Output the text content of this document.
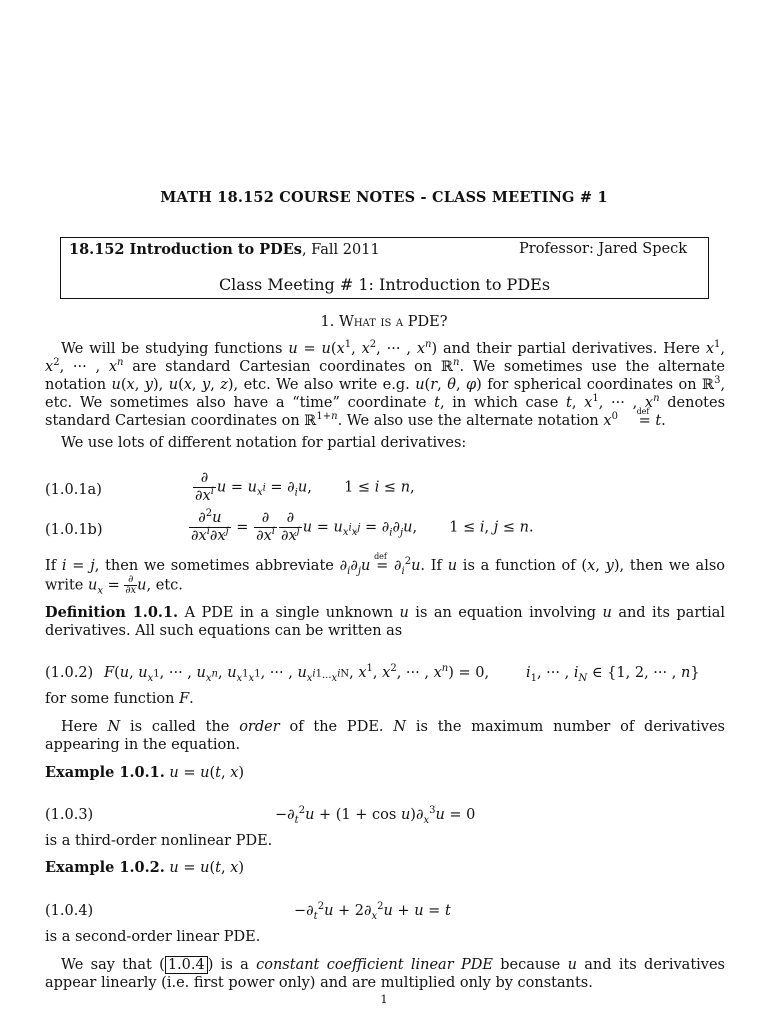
MATH 18.152 COURSE NOTES - CLASS MEETING # 1
18.152 Introduction to PDEs, Fall 2011	Professor: Jared Speck
Class Meeting # 1: Introduction to PDEs
1. What is a PDE?
We will be studying functions $u = u(x^1$, $x^2$, ··· , $x^n$) and their partial derivatives. Here $x^1$, $x^2$, ··· , $x^n$ are standard Cartesian coordinates on ℝ$^n$. We sometimes use the alternate notation u(x, y), u(x, y, z), etc. We also write e.g. u(r, θ, φ) for spherical coordinates on ℝ$^3$, etc. We sometimes also have a “time” coordinate t, in which case t, $x^1$, ··· , $x^n$ denotes standard Cartesian coordinates on ℝ$^{1+n}$. We also use the alternate notation $x^0$	def
= t.
We use lots of different notation for partial derivatives:
(1.0.1a)	$\frac{\partial}{\partial x^i}$ $u = u_{x^i} = \partial_iu$,       1 ≤ i ≤ n,
(1.0.1b)	$\frac{\partial^2u}{\partial x^i\partial x^j} = \frac{\partial}{\partial x^i} \frac{\partial}{\partial x^j}$ $u = u_{x^ix^j} = \partial_i\partial_ju$,       1 ≤ i, j ≤ n.
If i = j, then we sometimes abbreviate $\partial_i\partial_ju$
def
= $\partial_i^2u$. If u is a function of (x, y), then we also write $u_x$ = ∂
∂x u, etc.
Definition 1.0.1. A PDE in a single unknown u is an equation involving u and its partial derivatives. All such equations can be written as
(1.0.2) F(u, $u_{x^1}$, ··· , $u_{x^n}$, $u_{x^1x^1}$, ··· , $u_{x^{i1}\cdot\cdot\cdot x^{iN}}$, $x^1$, $x^2$, ··· , $x^n) = 0$,        $i_1$, ··· , $i_N$ ∈ {1, 2, ··· , n}
for some function F.
Here N is called the order of the PDE. N is the maximum number of derivatives appearing in the equation.
Example 1.0.1. u = u(t, x)
(1.0.3)	$-\partial_t^2u + (1 + \cos u)\partial_x^3u = 0$
is a third-order nonlinear PDE.
Example 1.0.2. u = u(t, x)
(1.0.4)	$-\partial_t^2u + 2\partial_x^2u + u = t$
is a second-order linear PDE.
We say that ( 1.0.4 ) is a constant coefficient linear PDE because u and its derivatives appear linearly (i.e. first power only) and are multiplied only by constants.
1
